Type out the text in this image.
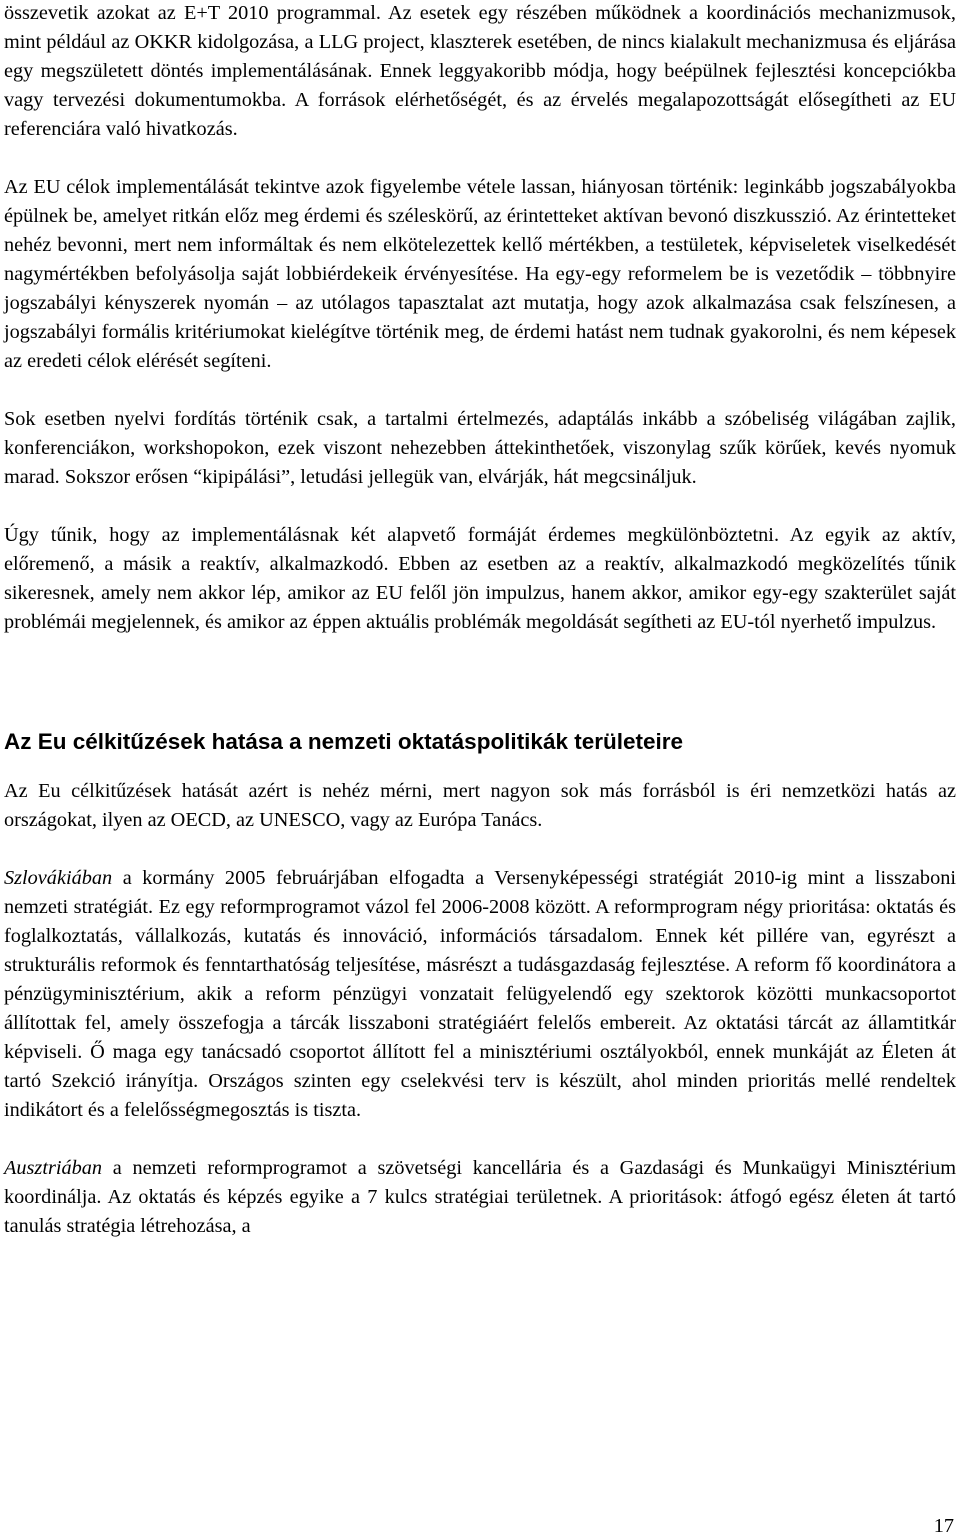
összevetik azokat az E+T 2010 programmal. Az esetek egy részében működnek a koordinációs mechanizmusok, mint például az OKKR kidolgozása, a LLG project, klaszterek esetében, de nincs kialakult mechanizmusa és eljárása egy megszületett döntés implementálásának. Ennek leggyakoribb módja, hogy beépülnek fejlesztési koncepciókba vagy tervezési dokumentumokba. A források elérhetőségét, és az érvelés megalapozottságát elősegítheti az EU referenciára való hivatkozás.

Az EU célok implementálását tekintve azok figyelembe vétele lassan, hiányosan történik: leginkább jogszabályokba épülnek be, amelyet ritkán előz meg érdemi és széleskörű, az érintetteket aktívan bevonó diszkusszió. Az érintetteket nehéz bevonni, mert nem informáltak és nem elkötelezettek kellő mértékben, a testületek, képviseletek viselkedését nagymértékben befolyásolja saját lobbiérdekeik érvényesítése. Ha egy-egy reformelem be is vezetődik – többnyire jogszabályi kényszerek nyomán – az utólagos tapasztalat azt mutatja, hogy azok alkalmazása csak felszínesen, a jogszabályi formális kritériumokat kielégítve történik meg, de érdemi hatást nem tudnak gyakorolni, és nem képesek az eredeti célok elérését segíteni.

Sok esetben nyelvi fordítás történik csak, a tartalmi értelmezés, adaptálás inkább a szóbeliség világában zajlik, konferenciákon, workshopokon, ezek viszont nehezebben áttekinthetőek, viszonylag szűk körűek, kevés nyomuk marad. Sokszor erősen “kipipálási”, letudási jellegük van, elvárják, hát megcsináljuk.

Úgy tűnik, hogy az implementálásnak két alapvető formáját érdemes megkülönböztetni. Az egyik az aktív, előremenő, a másik a reaktív, alkalmazkodó. Ebben az esetben az a reaktív, alkalmazkodó megközelítés tűnik sikeresnek, amely nem akkor lép, amikor az EU felől jön impulzus, hanem akkor, amikor egy-egy szakterület saját problémái megjelennek, és amikor az éppen aktuális problémák megoldását segítheti az EU-tól nyerhető impulzus.

Az Eu célkitűzések hatása a nemzeti oktatáspolitikák területeire

Az Eu célkitűzések hatását azért is nehéz mérni, mert nagyon sok más forrásból is éri nemzetközi hatás az országokat, ilyen az OECD, az UNESCO, vagy az Európa Tanács.

Szlovákiában a kormány 2005 februárjában elfogadta a Versenyképességi stratégiát 2010-ig mint a lisszaboni nemzeti stratégiát. Ez egy reformprogramot vázol fel 2006-2008 között. A reformprogram négy prioritása: oktatás és foglalkoztatás, vállalkozás, kutatás és innováció, információs társadalom. Ennek két pillére van, egyrészt a strukturális reformok és fenntarthatóság teljesítése, másrészt a tudásgazdaság fejlesztése. A reform fő koordinátora a pénzügyminisztérium, akik a reform pénzügyi vonzatait felügyelendő egy szektorok közötti munkacsoportot állítottak fel, amely összefogja a tárcák lisszaboni stratégiáért felelős embereit. Az oktatási tárcát az államtitkár képviseli. Ő maga egy tanácsadó csoportot állított fel a minisztériumi osztályokból, ennek munkáját az Életen át tartó Szekció irányítja. Országos szinten egy cselekvési terv is készült, ahol minden prioritás mellé rendeltek indikátort és a felelősségmegosztás is tiszta.

Ausztriában a nemzeti reformprogramot a szövetségi kancellária és a Gazdasági és Munkaügyi Minisztérium koordinálja. Az oktatás és képzés egyike a 7 kulcs stratégiai területnek. A prioritások: átfogó egész életen át tartó tanulás stratégia létrehozása, a

17
